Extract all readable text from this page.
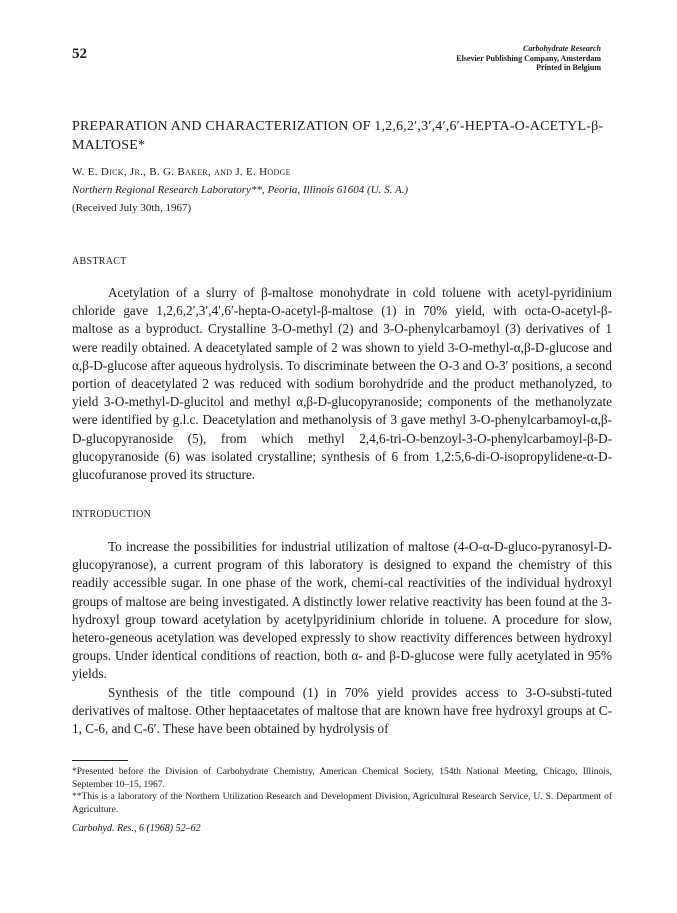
52	Carbohydrate Research
Elsevier Publishing Company, Amsterdam
Printed in Belgium
PREPARATION AND CHARACTERIZATION OF 1,2,6,2′,3′,4′,6′-HEPTA-O-ACETYL-β-MALTOSE*
W. E. Dick, Jr., B. G. Baker, and J. E. Hodge
Northern Regional Research Laboratory**, Peoria, Illinois 61604 (U. S. A.)
(Received July 30th, 1967)
ABSTRACT

Acetylation of a slurry of β-maltose monohydrate in cold toluene with acetyl-pyridinium chloride gave 1,2,6,2′,3′,4′,6′-hepta-O-acetyl-β-maltose (1) in 70% yield, with octa-O-acetyl-β-maltose as a byproduct. Crystalline 3-O-methyl (2) and 3-O-phenylcarbamoyl (3) derivatives of 1 were readily obtained. A deacetylated sample of 2 was shown to yield 3-O-methyl-α,β-D-glucose and α,β-D-glucose after aqueous hydrolysis. To discriminate between the O-3 and O-3′ positions, a second portion of deacetylated 2 was reduced with sodium borohydride and the product methanolyzed, to yield 3-O-methyl-D-glucitol and methyl α,β-D-glucopyranoside; components of the methanolyzate were identified by g.l.c. Deacetylation and methanolysis of 3 gave methyl 3-O-phenylcarbamoyl-α,β-D-glucopyranoside (5), from which methyl 2,4,6-tri-O-benzoyl-3-O-phenylcarbamoyl-β-D-glucopyranoside (6) was isolated crystalline; synthesis of 6 from 1,2:5,6-di-O-isopropylidene-α-D-glucofuranose proved its structure.

INTRODUCTION

To increase the possibilities for industrial utilization of maltose (4-O-α-D-gluco-pyranosyl-D-glucopyranose), a current program of this laboratory is designed to expand the chemistry of this readily accessible sugar. In one phase of the work, chemi-cal reactivities of the individual hydroxyl groups of maltose are being investigated. A distinctly lower relative reactivity has been found at the 3-hydroxyl group toward acetylation by acetylpyridinium chloride in toluene. A procedure for slow, hetero-geneous acetylation was developed expressly to show reactivity differences between hydroxyl groups. Under identical conditions of reaction, both α- and β-D-glucose were fully acetylated in 95% yields.

Synthesis of the title compound (1) in 70% yield provides access to 3-O-substi-tuted derivatives of maltose. Other heptaacetates of maltose that are known have free hydroxyl groups at C-1, C-6, and C-6′. These have been obtained by hydrolysis of

*Presented before the Division of Carbohydrate Chemistry, American Chemical Society, 154th National Meeting, Chicago, Illinois, September 10–15, 1967.
**This is a laboratory of the Northern Utilization Research and Development Division, Agricultural Research Service, U. S. Department of Agriculture.
Carbohyd. Res., 6 (1968) 52–62
